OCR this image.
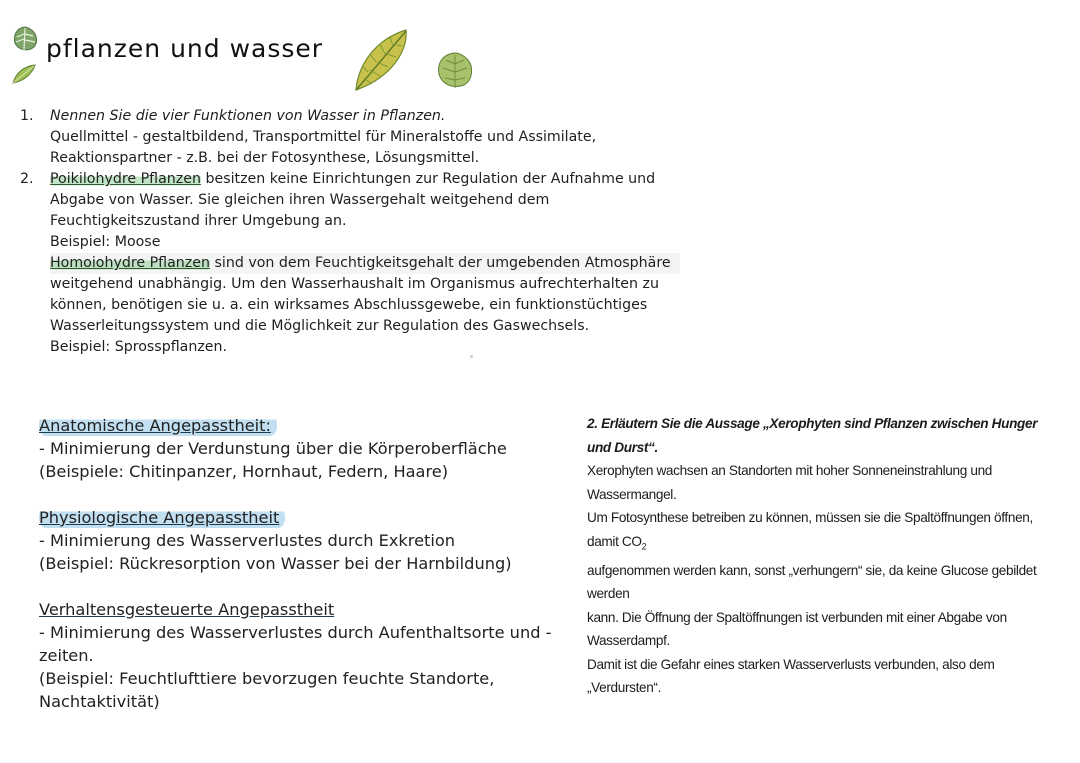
pflanzen und wasser
1.	Nennen Sie die vier Funktionen von Wasser in Pflanzen.
Quellmittel - gestaltbildend, Transportmittel für Mineralstoffe und Assimilate,
Reaktionspartner - z.B. bei der Fotosynthese, Lösungsmittel.
2.	Poikilohydre Pflanzen besitzen keine Einrichtungen zur Regulation der Aufnahme und
Abgabe von Wasser. Sie gleichen ihren Wassergehalt weitgehend dem
Feuchtigkeitszustand ihrer Umgebung an.
Beispiel: Moose
Homoiohydre Pflanzen sind von dem Feuchtigkeitsgehalt der umgebenden Atmosphäre
weitgehend unabhängig. Um den Wasserhaushalt im Organismus aufrechterhalten zu
können, benötigen sie u. a. ein wirksames Abschlussgewebe, ein funktionstüchtiges
Wasserleitungssystem und die Möglichkeit zur Regulation des Gaswechsels.
Beispiel: Sprosspflanzen.
Anatomische Angepasstheit:
- Minimierung der Verdunstung über die Körperoberfläche
(Beispiele: Chitinpanzer, Hornhaut, Federn, Haare)
Physiologische Angepasstheit
- Minimierung des Wasserverlustes durch Exkretion
(Beispiel: Rückresorption von Wasser bei der Harnbildung)
Verhaltensgesteuerte Angepasstheit
- Minimierung des Wasserverlustes durch Aufenthaltsorte und -zeiten.
(Beispiel: Feuchtlufttiere bevorzugen feuchte Standorte, Nachtaktivität)
2. Erläutern Sie die Aussage „Xerophyten sind Pflanzen zwischen Hunger und Durst“.
Xerophyten wachsen an Standorten mit hoher Sonneneinstrahlung und Wassermangel.
Um Fotosynthese betreiben zu können, müssen sie die Spaltöffnungen öffnen, damit $CO_2$
aufgenommen werden kann, sonst „verhungern“ sie, da keine Glucose gebildet werden
kann. Die Öffnung der Spaltöffnungen ist verbunden mit einer Abgabe von Wasserdampf.
Damit ist die Gefahr eines starken Wasserverlusts verbunden, also dem „Verdursten“.
